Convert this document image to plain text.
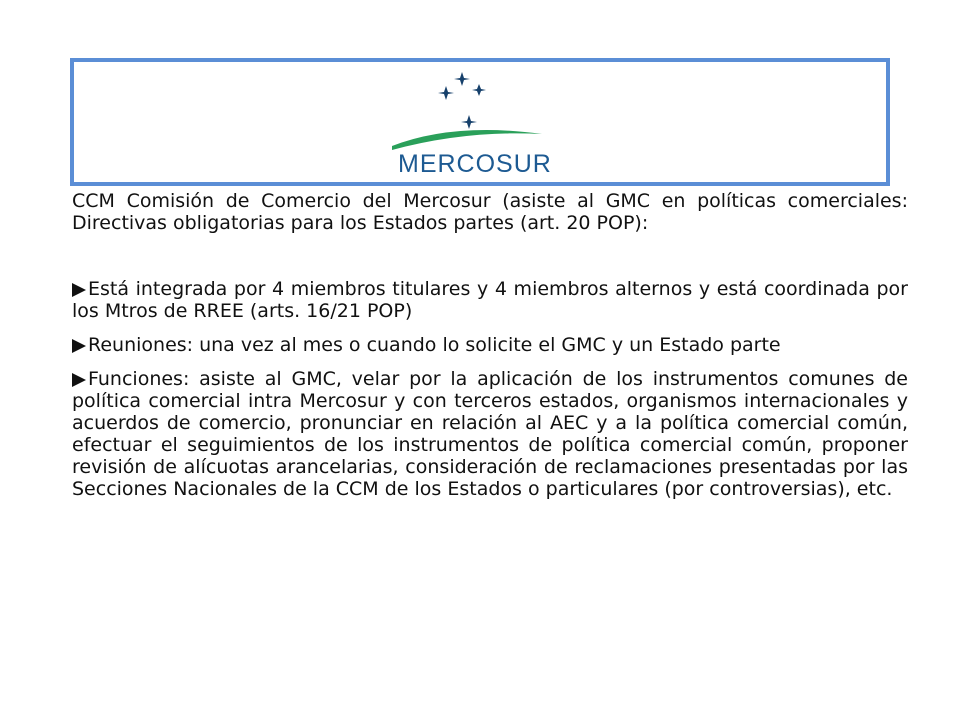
MERCOSUR

CCM Comisión de Comercio del Mercosur (asiste al GMC en políticas comerciales: Directivas obligatorias para los Estados partes (art. 20 POP):

Está integrada por 4 miembros titulares y 4 miembros alternos y está coordinada por los Mtros de RREE (arts. 16/21 POP)

Reuniones: una vez al mes o cuando lo solicite el GMC y un Estado parte

Funciones: asiste al GMC, velar por la aplicación de los instrumentos comunes de política comercial intra Mercosur y con terceros estados, organismos internacionales y acuerdos de comercio, pronunciar en relación al AEC y a la política comercial común, efectuar el seguimientos de los instrumentos de política comercial común, proponer revisión de alícuotas arancelarias, consideración de reclamaciones presentadas por las Secciones Nacionales de la CCM de los Estados o particulares (por controversias), etc.
